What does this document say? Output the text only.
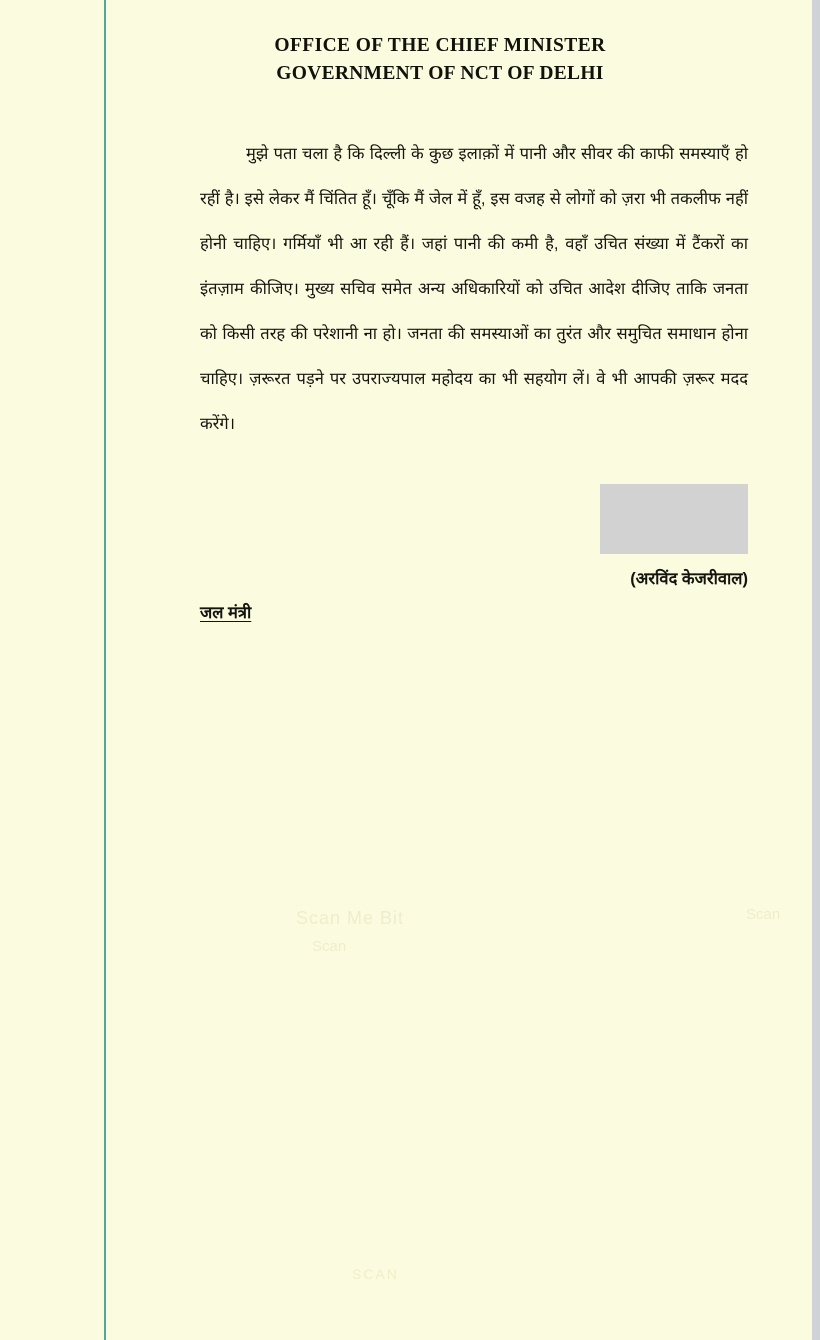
OFFICE OF THE CHIEF MINISTER
GOVERNMENT OF NCT OF DELHI
मुझे पता चला है कि दिल्ली के कुछ इलाक़ों में पानी और सीवर की काफी समस्याएँ हो रहीं है। इसे लेकर मैं चिंतित हूँ। चूँकि मैं जेल में हूँ, इस वजह से लोगों को ज़रा भी तकलीफ नहीं होनी चाहिए। गर्मियाँ भी आ रही हैं। जहां पानी की कमी है, वहाँ उचित संख्या में टैंकरों का इंतज़ाम कीजिए। मुख्य सचिव समेत अन्य अधिकारियों को उचित आदेश दीजिए ताकि जनता को किसी तरह की परेशानी ना हो। जनता की समस्याओं का तुरंत और समुचित समाधान होना चाहिए। ज़रूरत पड़ने पर उपराज्यपाल महोदय का भी सहयोग लें। वे भी आपकी ज़रूर मदद करेंगे।
(अरविंद केजरीवाल)
जल मंत्री
Scan Me Bit
Scan
SCAN
Scan
